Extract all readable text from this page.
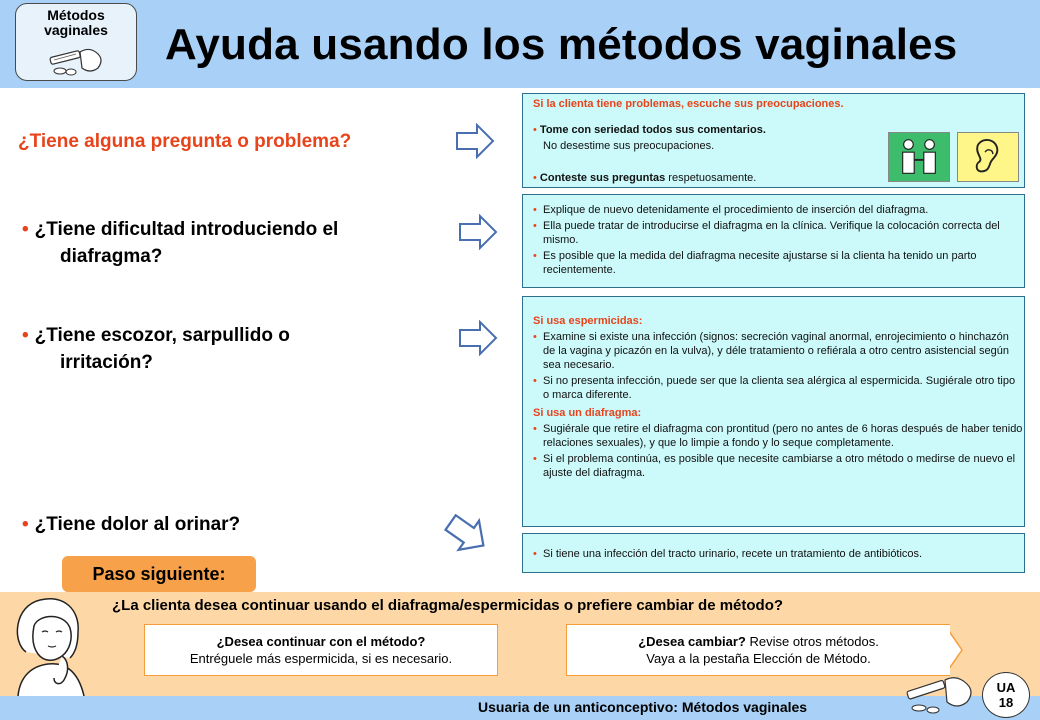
Métodos
vaginales	Ayuda usando los métodos vaginales
¿Tiene alguna pregunta o problema?
• ¿Tiene dificultad introduciendo el
diafragma?
• ¿Tiene escozor, sarpullido o
irritación?
• ¿Tiene dolor al orinar?
Si la clienta tiene problemas, escuche sus preocupaciones.
• Tome con seriedad todos sus comentarios.
No desestime sus preocupaciones.
• Conteste sus preguntas respetuosamente.
• Explique de nuevo detenidamente el procedimiento de inserción del diafragma.
• Ella puede tratar de introducirse el diafragma en la clínica. Verifique la colocación correcta del mismo.
• Es posible que la medida del diafragma necesite ajustarse si la clienta ha tenido un parto recientemente.
Si usa espermicidas:
• Examine si existe una infección (signos: secreción vaginal anormal, enrojecimiento o hinchazón de la vagina y picazón en la vulva), y déle tratamiento o refiérala a otro centro asistencial según sea necesario.
• Si no presenta infección, puede ser que la clienta sea alérgica al espermicida. Sugiérale otro tipo o marca diferente.
Si usa un diafragma:
• Sugiérale que retire el diafragma con prontitud (pero no antes de 6 horas después de haber tenido relaciones sexuales), y que lo limpie a fondo y lo seque completamente.
• Si el problema continúa, es posible que necesite cambiarse a otro método o medirse de nuevo el ajuste del diafragma.
• Si tiene una infección del tracto urinario, recete un tratamiento de antibióticos.
Paso siguiente:
¿La clienta desea continuar usando el diafragma/espermicidas o prefiere cambiar de método?
¿Desea continuar con el método?
Entréguele más espermicida, si es necesario.
¿Desea cambiar? Revise otros métodos.
Vaya a la pestaña Elección de Método.
Usuaria de un anticonceptivo: Métodos vaginales
UA
18
